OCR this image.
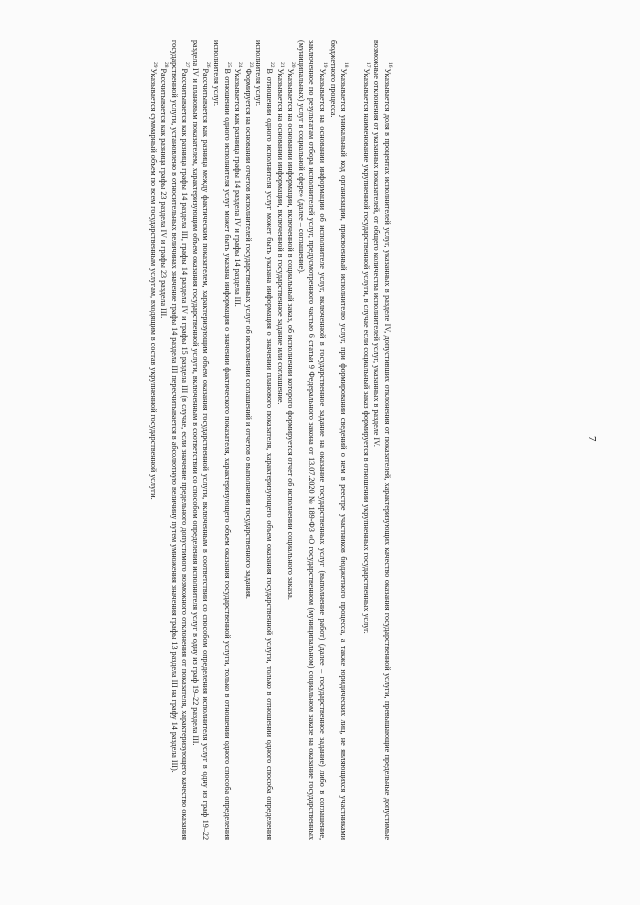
7

$^{16}$Указывается доля в процентах исполнителей услуг, указанных в разделе IV, допустивших отклонения от показателей, характеризующих качество оказания государственной услуги, превышающие предельные допустимые возможные отклонения от указанных показателей, от общего количества исполнителей услуг, указанных в разделе IV.

$^{17}$Указывается наименование укрупненной государственной услуги, в случае если социальный заказ формируется в отношении укрупненных государственных услуг.

$^{18}$Указывается уникальный код организации, присвоенный исполнителю услуг, при формировании сведений о нем в реестре участников бюджетного процесса, а также юридических лиц, не являющихся участниками бюджетного процесса.

$^{19}$Указывается на основании информации об исполнителе услуг, включенной в государственное задание на оказание государственных услуг (выполнение работ) (далее – государственное задание) либо в соглашение, заключенное по результатам отбора исполнителей услуг, предусмотренного частью 6 статьи 9 Федерального закона от 13.07.2020 № 189-ФЗ «О государственном (муниципальном) социальном заказе на оказание государственных (муниципальных) услуг в социальной сфере» (далее – соглашение).

$^{20}$Указывается на основании информации, включенной в социальный заказ, об исполнении которого формируется отчет об исполнении социального заказа.

$^{21}$Указывается на основании информации, включенной в государственное задание или соглашение.

$^{22}$В отношении одного исполнителя услуг может быть указана информация о значении планового показателя, характеризующего объем оказания государственной услуги, только в отношении одного способа определения исполнителя услуг.

$^{23}$Формируется на основании отчетов исполнителей государственных услуг об исполнении соглашений и отчетов о выполнении государственного задания.

$^{24}$Указывается как разница графы 14 раздела IV и графы 14 раздела III.

$^{25}$В отношении одного исполнителя услуг может быть указана информация о значении фактического показателя, характеризующего объем оказания государственной услуги, только в отношении одного способа определения исполнителя услуг.

$^{26}$Рассчитывается как разница между фактическим показателем, характеризующим объем оказания государственной услуги, включенным в соответствии со способом определения исполнителя услуг в одну из граф 19–22 раздела IV и плановым показателем, характеризующим объем оказания государственной услуги, включенным в соответствии со способом определения исполнителя услуг в одну из граф 19–22 раздела III.

$^{27}$Рассчитывается как разница графы 14 раздела III, графы 14 раздела IV и графы 15 раздела III (в случае, если значение предельного допустимого возможного отклонения от показателя, характеризующего качество оказания государственной услуги, установлено в относительных величинах значение графы 14 раздела III пересчитывается в абсолютную величину путем умножения значения графы 13 раздела III на графу 14 раздела III).

$^{28}$Рассчитывается как разница графы 23 раздела IV и графы 23 раздела III.

$^{29}$Указывается суммарный объем по всем государственным услугам, входящим в состав укрупненной государственной услуги.
